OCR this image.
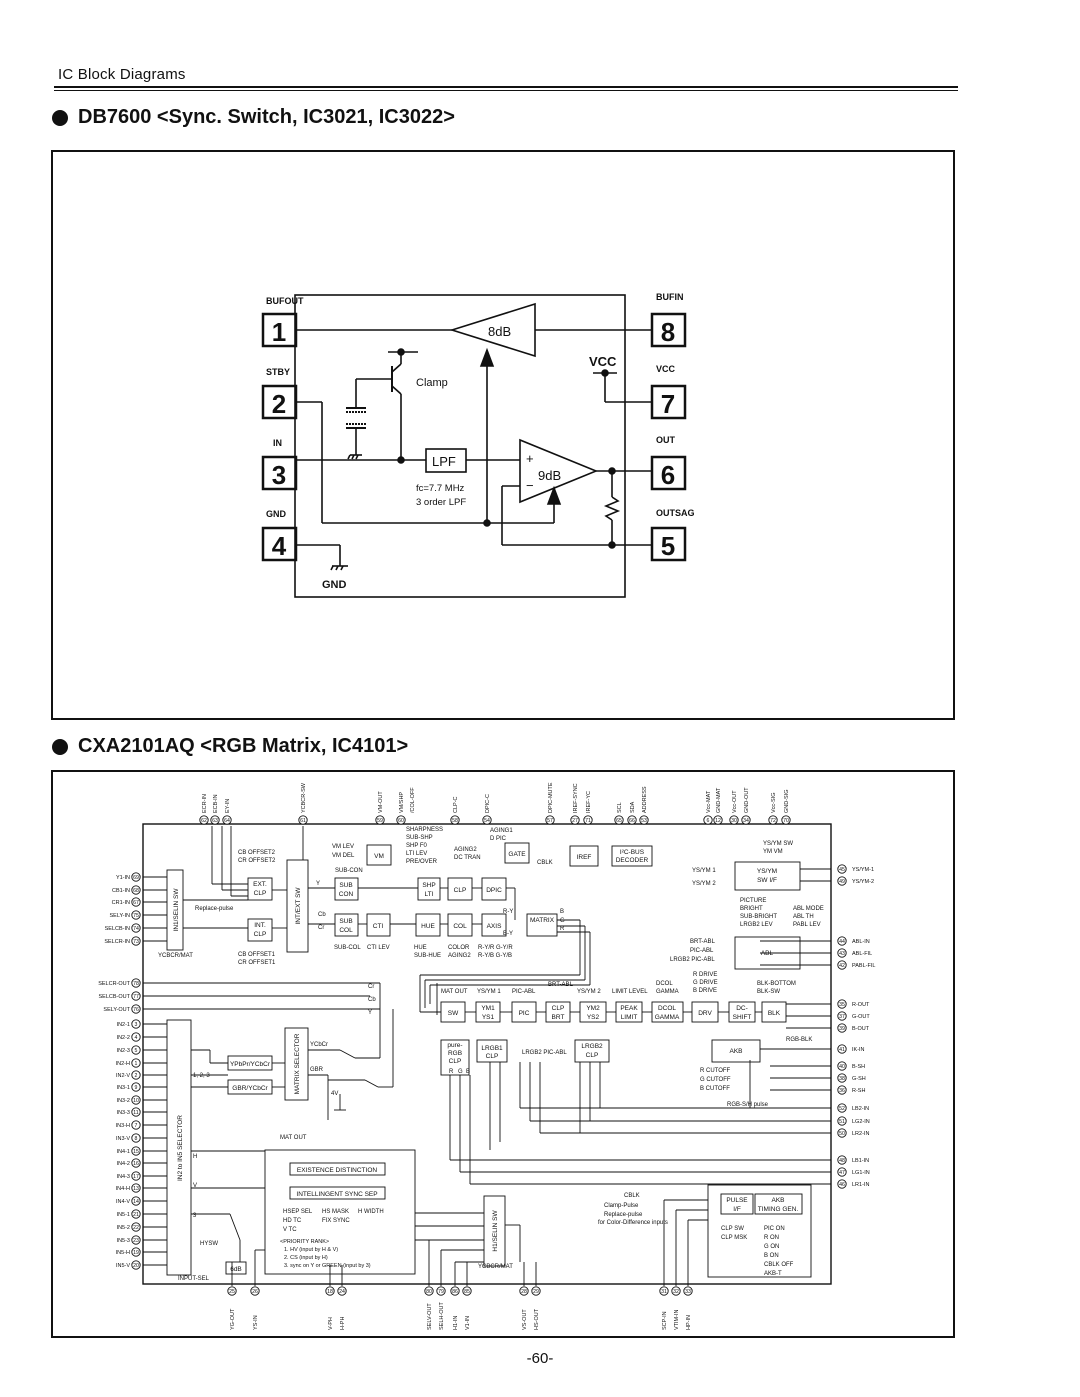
IC Block Diagrams
DB7600 <Sync. Switch, IC3021, IC3022>
CXA2101AQ <RGB Matrix, IC4101>
1
BUFOUT
2
STBY
3
IN
4
GND
8
BUFIN
7
VCC
6
OUT
5
OUTSAG
8dB
Clamp
LPF
fc=7.7 MHz
3 order LPF
+
−
9dB
VCC
GND
ECR-IN
62
ECB-IN
63
EY-IN
64
YCBCR-SW
61
VM-OUT
59
VM/SHP
60
/COL-OFF	CLP-C
58
DPIC-C
54
DPIC-MUTE
57
IREF-SYNC
27
IREF-YC
71
SCL
65
SDA
66
ADDRESS
53
Vcc-MAT
6
GND-MAT
12
Vcc-OUT
30
GND-OUT
34
Vcc-SIG
72
GND-SIG
70
69
Y1-IN
68
CB1-IN
67
CR1-IN
75
SELY-IN
74
SELCB-IN
73
SELCR-IN
78
SELCR-OUT
77
SELCB-OUT
76
SELY-OUT
3
IN2-1
4
IN2-2
5
IN2-3
1
IN2-H
2
IN2-V
9
IN3-1
10
IN3-2
11
IN3-3
7
IN3-H
8
IN3-V
15
IN4-1
16
IN4-2
17
IN4-3
13
IN4-H
14
IN4-V
21
IN5-1
22
IN5-2
23
IN5-3
19
IN5-H
20
IN5-V
45 YS/YM-1
49 YS/YM-2
44 ABL-IN
43 ABL-FIL
42 PABL-FIL
35 R-OUT
37 G-OUT
39 B-OUT
41 IK-IN
40 B-SH
38 G-SH
36 R-SH
52 LB2-IN
51 LG2-IN
50 LR2-IN
48 LB1-IN
47 LG1-IN
46 LR1-IN
25
YG-OUT
26
YS-IN
18
V-PH
24
H-PH
80
SELV-OUT
79
SELH-OUT
86
H1-IN
85
V1-IN
28
VS-OUT
29
HS-OUT
31
SCP-IN
32
VTIM-IN
33
HP-IN
IN1/SELIN SW
EXT.
CLP
INT.
CLP
INT/EXT SW
VM
SUB
CON
SUB
COL
CTI
SHP
LTI
CLP	DPIC
HUE	COL	AXIS
MATRIX
GATE	IREF
I²C-BUS
DECODER
YS/YM
SW I/F
ABL
SW
YM1
YS1
PIC
CLP
BRT
YM2
YS2
PEAK
LIMIT
DCOL
GAMMA
DRV
DC-
SHIFT
BLK
AKB
pure-
RGB
CLP
LRGB1
CLP
LRGB2
CLP
IN2 to IN5 SELECTOR
YPbPr/YCbCr
GBR/YCbCr	MATRIX SELECTOR
EXISTENCE DISTINCTION
INTELLINGENT SYNC SEP
H1/SELIN SW
6dB
PULSE
I/F
AKB
TIMING GEN.
CB OFFSET2
CR OFFSET2
VM LEV
VM DEL
SUB-CON
SHARPNESS
SUB-SHP
SHP F0
LTI LEV
PRE/OVER
AGING1
D PIC
AGING2
DC TRAN
CBLK
YS/YM SW
YM VM
YS/YM 1
YS/YM 2
PICTURE
BRIGHT
SUB-BRIGHT
LRGB2 LEV
ABL MODE
ABL TH
PABL LEV
BRT-ABL
PIC-ABL
LRGB2 PIC-ABL
Replace-pulse
YCBCR/MAT	CB OFFSET1
CR OFFSET1
SUB-COL CTI LEV	HUE
SUB-HUE
COLOR
AGING2
R-Y/R G-Y/R
R-Y/B G-Y/B
R-Y	B
B-Y
G
R
Y
Cb
Cr
Cr
Cb
Y
MAT OUT YS/YM 1 PIC-ABL
BRT-ABL
YS/YM 2 LIMIT LEVEL
DCOL
GAMMA
R DRIVE
G DRIVE
B DRIVE
BLK-BOTTOM
BLK-SW
RGB-BLK
R CUTOFF
G CUTOFF
B CUTOFF
RGB-S/H pulse
LRGB2 PIC-ABL
YCbCr
GBR
4V
1, 2, 3
H
V
3
HYSW
INPUT-SEL
MAT OUT
HSEP SEL HS MASK H WIDTH
HD TC	FIX SYNC
V TC
<PRIORITY RANK>
1. HV (input by H & V)
2. CS (input by H)
3. sync on Y or GREEN (input by 3)	YCBCR/MAT
CBLK
Clamp-Pulse
Replace-pulse
for Color-Difference inputs
CLP SW
CLP MSK
PIC ON
R ON
G ON
B ON
CBLK OFF
AKB-T
R G B
-60-
